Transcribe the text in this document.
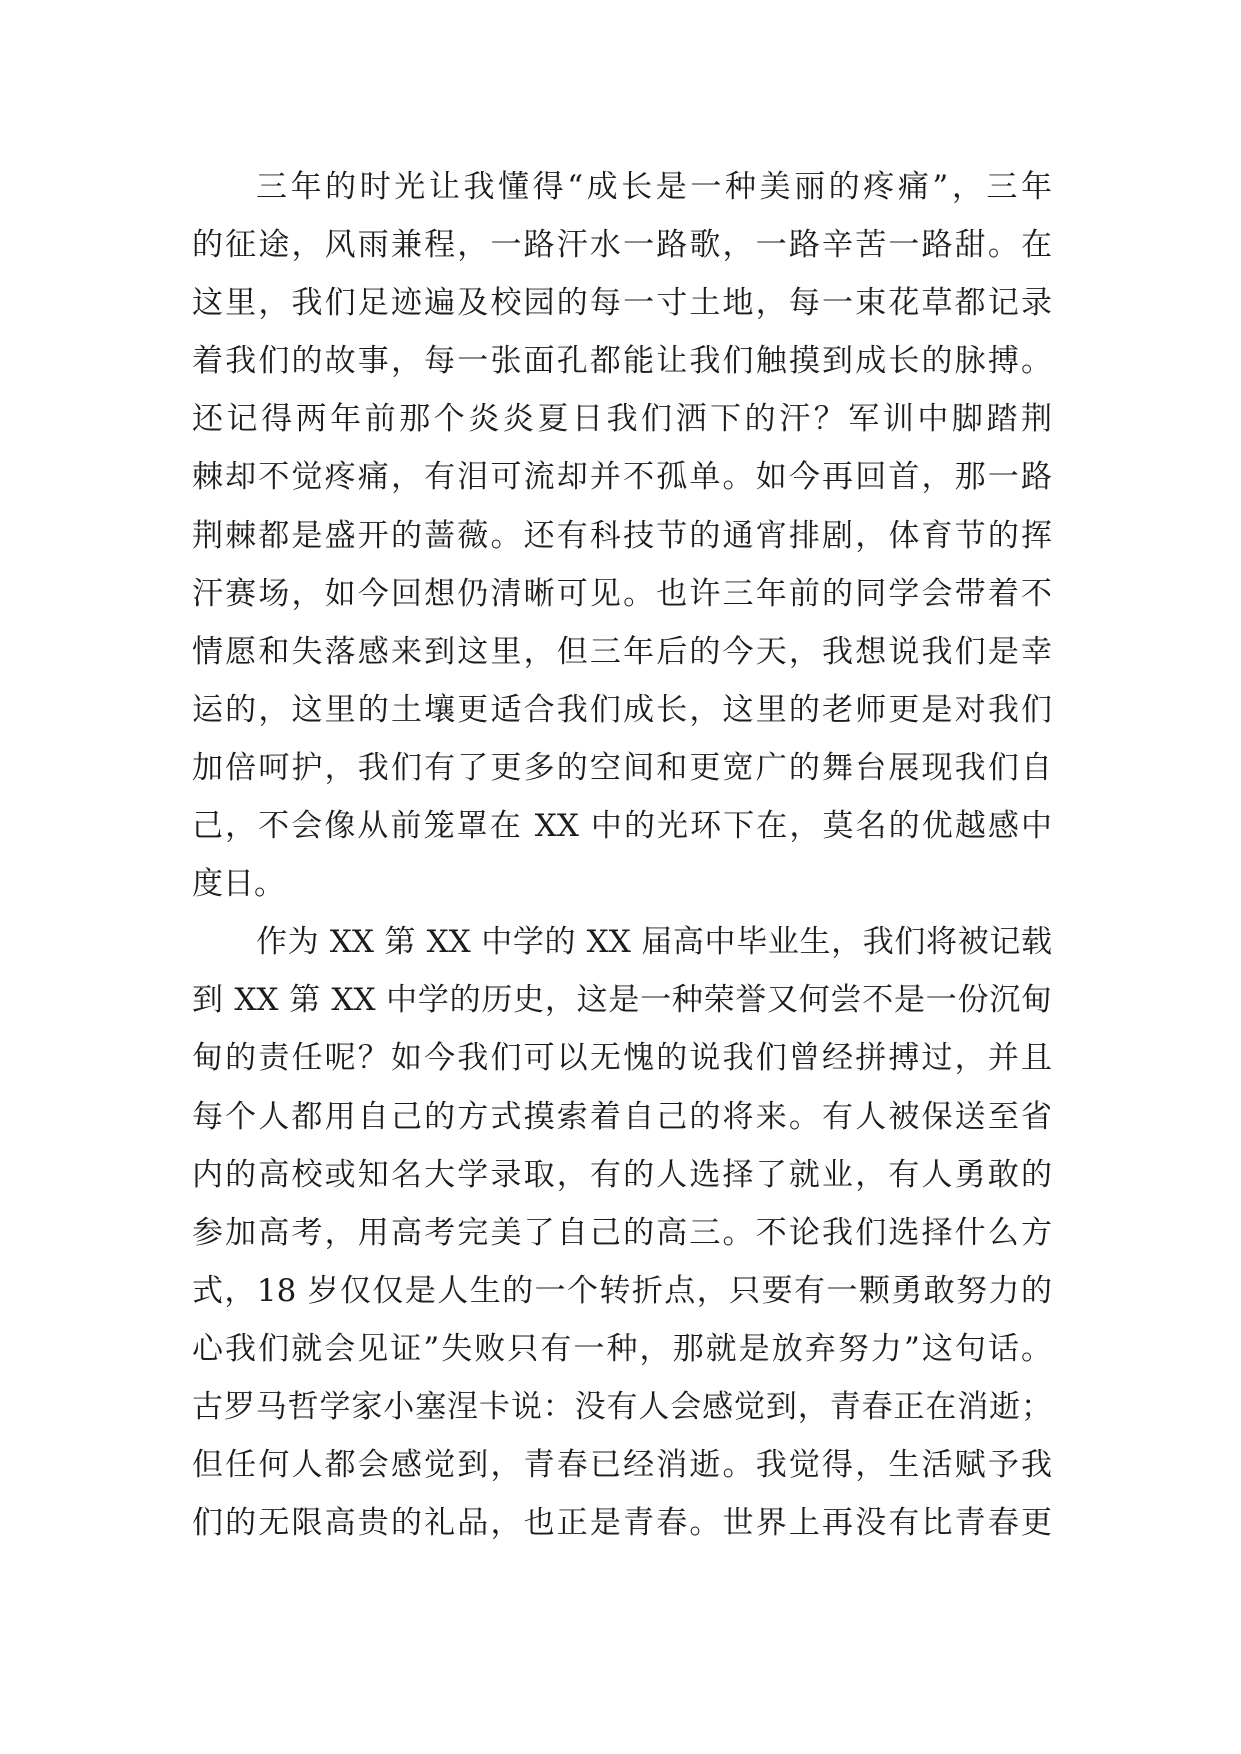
三年的时光让我懂得“成长是一种美丽的疼痛”，三年
的征途，风雨兼程，一路汗水一路歌，一路辛苦一路甜。在
这里，我们足迹遍及校园的每一寸土地，每一束花草都记录
着我们的故事，每一张面孔都能让我们触摸到成长的脉搏。
还记得两年前那个炎炎夏日我们洒下的汗？军训中脚踏荆
棘却不觉疼痛，有泪可流却并不孤单。如今再回首，那一路
荆棘都是盛开的蔷薇。还有科技节的通宵排剧，体育节的挥
汗赛场，如今回想仍清晰可见。也许三年前的同学会带着不
情愿和失落感来到这里，但三年后的今天，我想说我们是幸
运的，这里的土壤更适合我们成长，这里的老师更是对我们
加倍呵护，我们有了更多的空间和更宽广的舞台展现我们自
己，不会像从前笼罩在 XX 中的光环下在，莫名的优越感中
度日。
作为 XX 第 XX 中学的 XX 届高中毕业生，我们将被记载
到 XX 第 XX 中学的历史，这是一种荣誉又何尝不是一份沉甸
甸的责任呢？如今我们可以无愧的说我们曾经拼搏过，并且
每个人都用自己的方式摸索着自己的将来。有人被保送至省
内的高校或知名大学录取，有的人选择了就业，有人勇敢的
参加高考，用高考完美了自己的高三。不论我们选择什么方
式，18 岁仅仅是人生的一个转折点，只要有一颗勇敢努力的
心我们就会见证”失败只有一种，那就是放弃努力”这句话。
古罗马哲学家小塞涅卡说：没有人会感觉到，青春正在消逝；
但任何人都会感觉到，青春已经消逝。我觉得，生活赋予我
们的无限高贵的礼品，也正是青春。世界上再没有比青春更
